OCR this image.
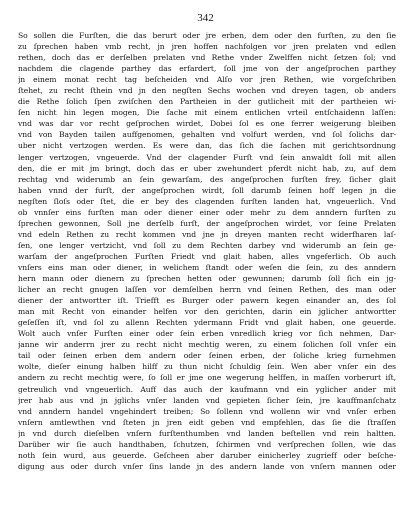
342
So sollen die Furſten, die das berurt oder jre erben, dem oder den furſten, zu den ſie
zu ſprechen haben vmb recht, jn jren hoffen nachfolgen vor jren prelaten vnd edlen
rethen, doch das er derſelben prelaten vnd Rethe vnder Zwelffen nicht ſetzen ſol; vnd
nachdem die clagende parthey das erfardert, ſoll jme von der angeſprochen parthey
jn einem monat recht tag beſcheiden vnd Alſo vor jren Rethen, wie vorgeſchriben
ſtehet, zu recht ſthein vnd jn den negſten Sechs wochen vnd dreyen tagen, ob anders
die Rethe ſolich ſpen zwiſchen den Partheien in der gutlicheit mit der partheien wi-
ſen nicht hin legen mogen, Die ſache mit einem entlichen vrteil entſchaidenn laſſen:
vnd was dar vor recht geſprochen wirdet, Dobei ſol es one ferrer weigerung bleiben
vnd von Bayden tailen auffgenomen, gehalten vnd volfurt werden, vnd ſol ſolichs dar-
uber nicht vertzogen werden. Es were dan, das ſich die ſachen mit gerichtsordnung
lenger vertzogen, vngeuerde. Vnd der clagender Furſt vnd ſein anwaldt ſoll mit allen
den, die er mit jm bringt, doch das er uber zwehundert pferdt nicht hab, zu, auf dem
rechtag vnd widerumb an ſein gewarſam, des angeſprochen furſten frey, ſicher glait
haben vnnd der furſt, der angeſprochen wirdt, ſoll darumb ſeinen hoff legen jn die
negſten ſloſs oder ſtet, die er bey des clagenden furſten landen hat, vngeuerlich. Vnd
ob vnnſer eins furſten man oder diener einer oder mehr zu dem anndern furſten zu
ſprechen gewonnen, Soll jne derſelb furſt, der angeſprochen wirdet, vor ſeine Prelaten
vnd edeln Rethen zu recht kommen vnd jne jn dreyen manten recht widerfharen laſ-
ſen, one lenger vertzicht, vnd ſoll zu dem Rechten darbey vnd widerumb an ſein ge-
warſam der angeſprochen Furſten Friedt vnd glait haben, alles vngeferlich. Ob auch
vnſers eins man oder diener, in welichem ſtandt oder weſen die ſein, zu des anndern
hern mann oder dienern zu ſprechen hetten oder gewunnen; darumb ſoll ſich ein jg-
licher an recht gnugen laſſen vor demſelben herrn vnd ſeinen Rethen, des man oder
diener der antwortter iſt. Triefft es Burger oder pawern kegen einander an, des ſol
man mit Recht von einander helfen vor den gerichten, darin ein jglicher antwortter
geſeſſen iſt, vnd ſol zu allenn Rechten ydermann Fridt vnd glait haben, one geuerde.
Wolt auch vnſer Furſten einer oder ſein erben vnredlich krieg vor ſich nehmen, Dar-
janne wir anderrn jrer zu recht nicht mechtig weren, zu einem ſolichen ſoll vnſer ein
tail oder ſeinen erben dem andern oder ſeinen erben, der ſoliche krieg furnehmen
wolte, dieſer einung halben hilff zu thun nicht ſchuldig ſein. Wen aber vnſer ein des
andern zu recht mechtig were, ſo ſoll er jme one wegerung helffen, in maſſen vorberurt iſt,
getreulich vnd vngeuerlich. Auff das auch der kaufmann vnd ein yglicher ander mit
jrer hab aus vnd jn jglichs vnſer landen vnd gepieten ſicher ſein, jre kauffmanſchatz
vnd anndern handel vngehindert treiben; So ſollenn vnd wollenn wir vnd vnſer erben
vnſern amtlewthen vnd ſteten jn jren eidt geben vnd empfehlen, das ſie die ſtraſſen
jn vnd durch dieſelben vnſern furſtenthumben vnd landen beſtellen vnd rein haltten.
Darüber wir ſie auch handthaben, ſchutzen, ſchirmen vnd verſprechen ſollen, wie das
noth ſein wurd, aus geuerde. Geſcheen aber daruber einicherley zugrieff oder beſche-
digung aus oder durch vnſer ſins lande jn des andern lande von vnſern mannen oder
